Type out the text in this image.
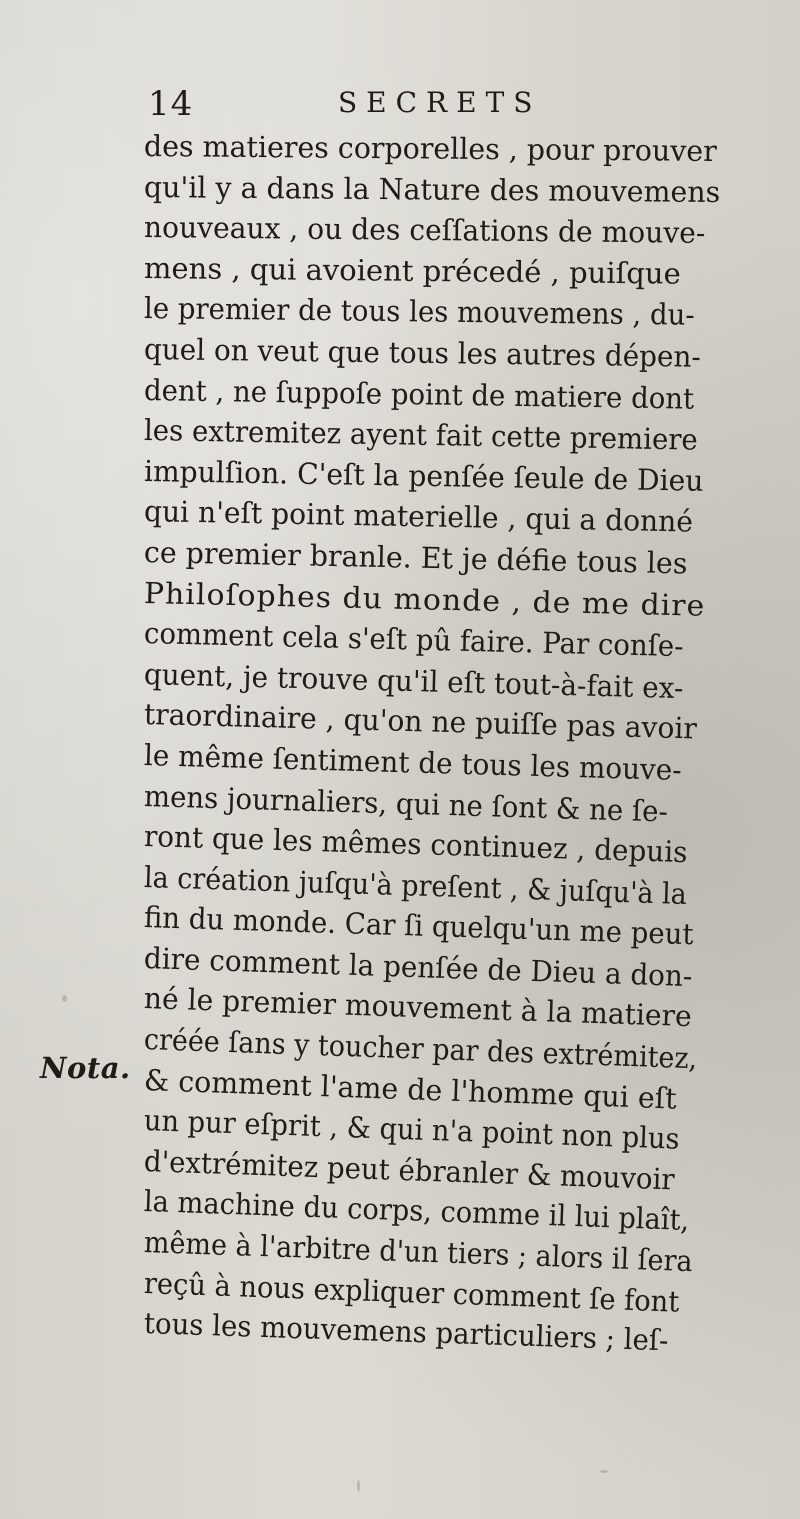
14	SECRETS
Nota.
des matieres corporelles , pour prouver
qu'il y a dans la Nature des mouvemens
nouveaux , ou des ceſſations de mouve-
mens , qui avoient précedé , puiſque
le premier de tous les mouvemens , du-
quel on veut que tous les autres dépen-
dent , ne ſuppoſe point de matiere dont
les extremitez ayent fait cette premiere
impulſion. C'eſt la penſée ſeule de Dieu
qui n'eſt point materielle , qui a donné
ce premier branle. Et je défie tous les
Philoſophes du monde , de me dire
comment cela s'eſt pû faire. Par conſe-
quent, je trouve qu'il eſt tout-à-fait ex-
traordinaire , qu'on ne puiſſe pas avoir
le même ſentiment de tous les mouve-
mens journaliers, qui ne ſont & ne ſe-
ront que les mêmes continuez , depuis
la création juſqu'à preſent , & juſqu'à la
fin du monde. Car ſi quelqu'un me peut
dire comment la penſée de Dieu a don-
né le premier mouvement à la matiere
créée ſans y toucher par des extrémitez,
& comment l'ame de l'homme qui eſt
un pur eſprit , & qui n'a point non plus
d'extrémitez peut ébranler & mouvoir
la machine du corps, comme il lui plaît,
même à l'arbitre d'un tiers ; alors il ſera
reçû à nous expliquer comment ſe font
tous les mouvemens particuliers ; leſ-
